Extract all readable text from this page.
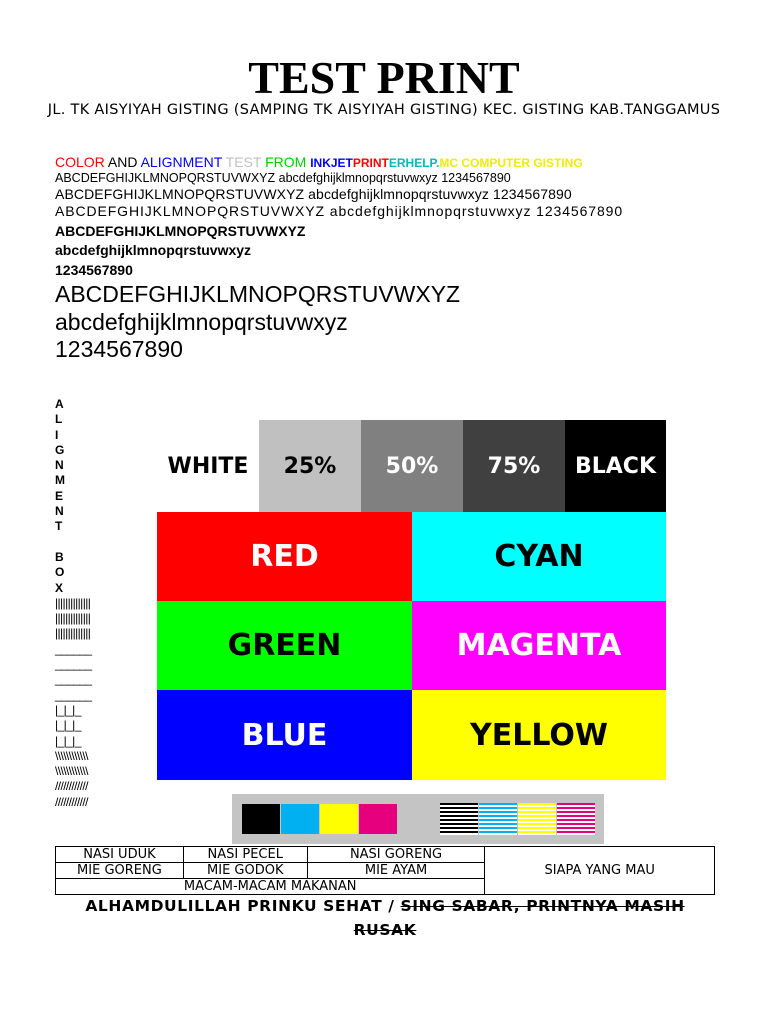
TEST PRINT
JL. TK AISYIYAH GISTING (SAMPING TK AISYIYAH GISTING) KEC. GISTING KAB.TANGGAMUS
COLOR AND ALIGNMENT TEST FROM INKJETPRINTERHELP.MC COMPUTER GISTING
ABCDEFGHIJKLMNOPQRSTUVWXYZ abcdefghijklmnopqrstuvwxyz 1234567890
ABCDEFGHIJKLMNOPQRSTUVWXYZ abcdefghijklmnopqrstuvwxyz 1234567890
ABCDEFGHIJKLMNOPQRSTUVWXYZ abcdefghijklmnopqrstuvwxyz 1234567890
ABCDEFGHIJKLMNOPQRSTUVWXYZ
abcdefghijklmnopqrstuvwxyz
1234567890
ABCDEFGHIJKLMNOPQRSTUVWXYZ
abcdefghijklmnopqrstuvwxyz
1234567890
A
L
I
G
N
M
E
N
T
B
O
X
||||||||||||||
||||||||||||||
||||||||||||||
______
______
______
______
|_|_|_
|_|_|_
|_|_|_
\\\\\\\\\\\\
\\\\\\\\\\\\
////////////
////////////
WHITE	25%	50%	75%	BLACK
RED	CYAN
GREEN	MAGENTA
BLUE	YELLOW
NASI UDUK	NASI PECEL	NASI GORENG	SIAPA YANG MAU
MIE GORENG	MIE GODOK	MIE AYAM	
MACAM-MACAM MAKANAN			
ALHAMDULILLAH PRINKU SEHAT / SING SABAR, PRINTNYA MASIH RUSAK
